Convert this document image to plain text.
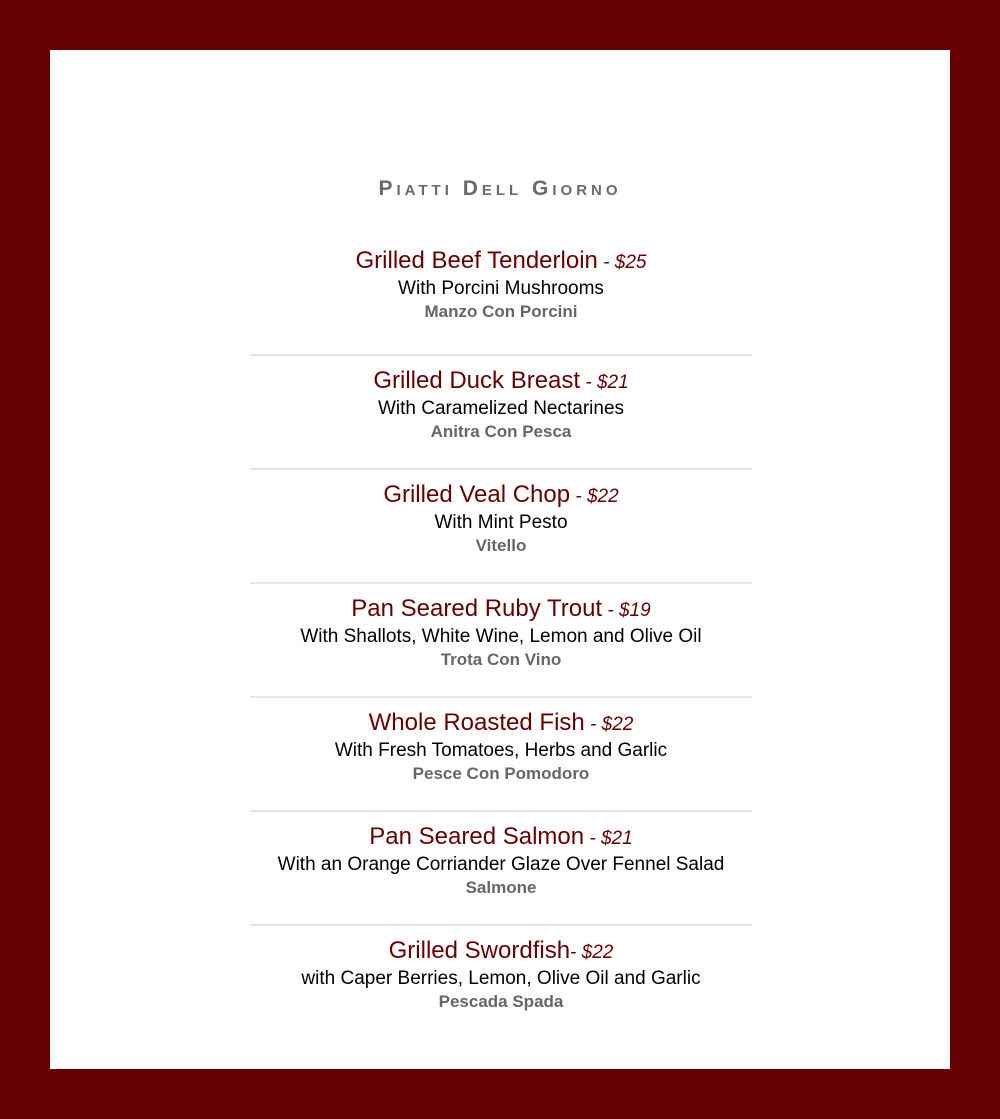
Piatti Dell Giorno
Grilled Beef Tenderloin - $25
With Porcini Mushrooms
Manzo Con Porcini
Grilled Duck Breast - $21
With Caramelized Nectarines
Anitra Con Pesca
Grilled Veal Chop - $22
With Mint Pesto
Vitello
Pan Seared Ruby Trout - $19
With Shallots, White Wine, Lemon and Olive Oil
Trota Con Vino
Whole Roasted Fish - $22
With Fresh Tomatoes, Herbs and Garlic
Pesce Con Pomodoro
Pan Seared Salmon - $21
With an Orange Corriander Glaze Over Fennel Salad
Salmone
Grilled Swordfish- $22
with Caper Berries, Lemon, Olive Oil and Garlic
Pescada Spada
